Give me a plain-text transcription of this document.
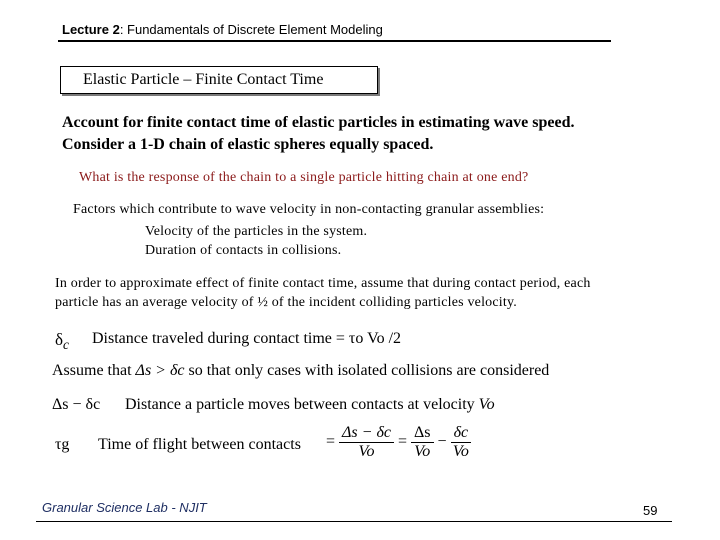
Lecture 2: Fundamentals of Discrete Element Modeling
Elastic Particle – Finite Contact Time
Account for finite contact time of elastic particles in estimating wave speed.
Consider a 1-D chain of elastic spheres equally spaced.
What is the response of the chain to a single particle hitting chain at one end?
Factors which contribute to wave velocity in non-contacting granular assemblies:
Velocity of the particles in the system.
Duration of contacts in collisions.
In order to approximate effect of finite contact time, assume that during contact period, each
particle has an average velocity of ½ of the incident colliding particles velocity.
$\delta_c$ Distance traveled during contact time = τo Vo /2
Assume that Δs > δc so that only cases with isolated collisions are considered
Δs − δc Distance a particle moves between contacts at velocity Vo
τg Time of flight between contacts = $\frac{\Delta s - \delta c}{Vo} = \frac{\Delta s}{Vo} - \frac{\delta c}{Vo}$
Granular Science Lab - NJIT	59
